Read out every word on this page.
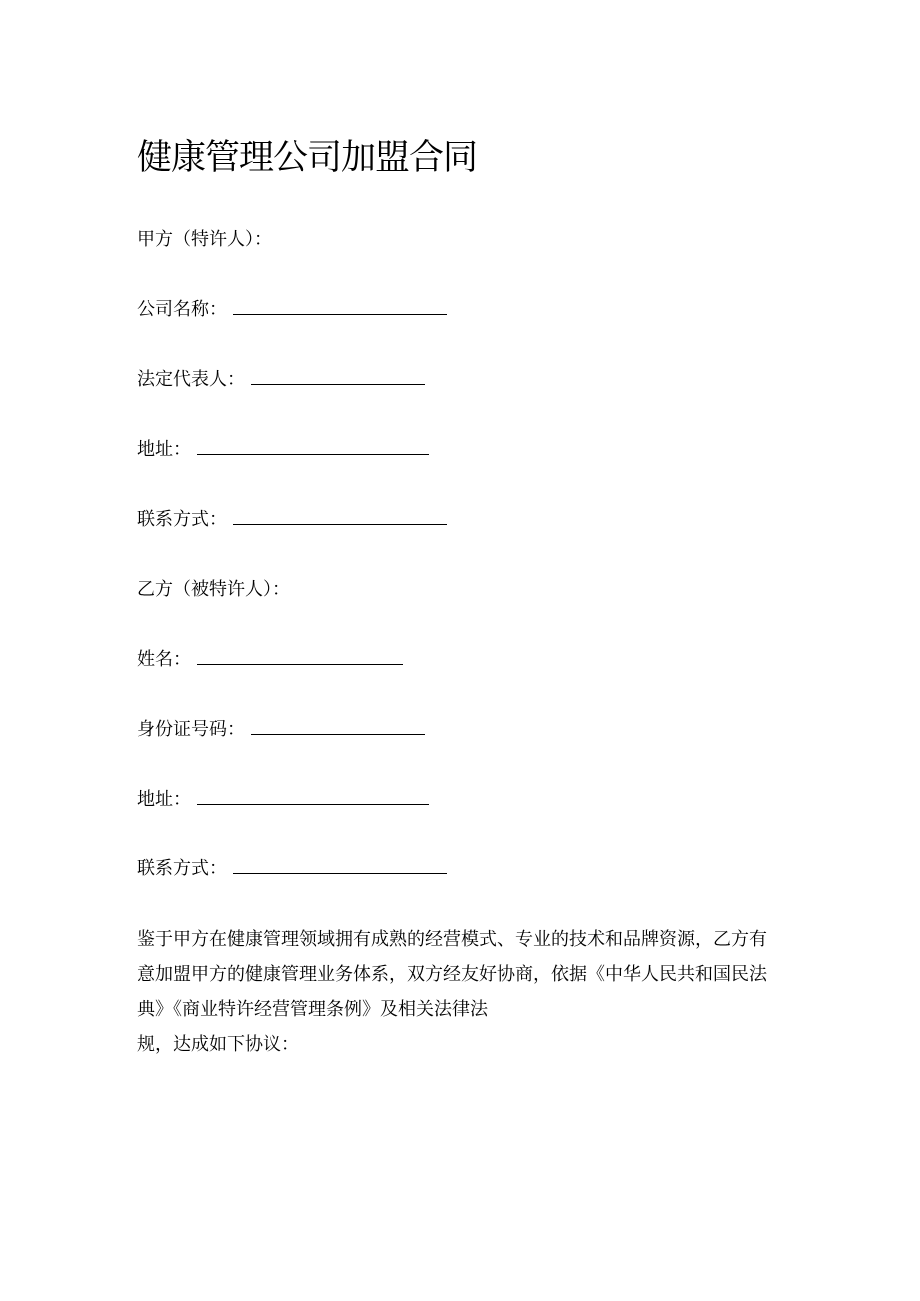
健康管理公司加盟合同
甲方（特许人）：
公司名称：
法定代表人：
地址：
联系方式：
乙方（被特许人）：
姓名：
身份证号码：
地址：
联系方式：
鉴于甲方在健康管理领域拥有成熟的经营模式、专业的技术和品牌资源，乙方有
意加盟甲方的健康管理业务体系，双方经友好协商，依据《中华人民共和国民法
典》《商业特许经营管理条例》及相关法律法
规，达成如下协议：
